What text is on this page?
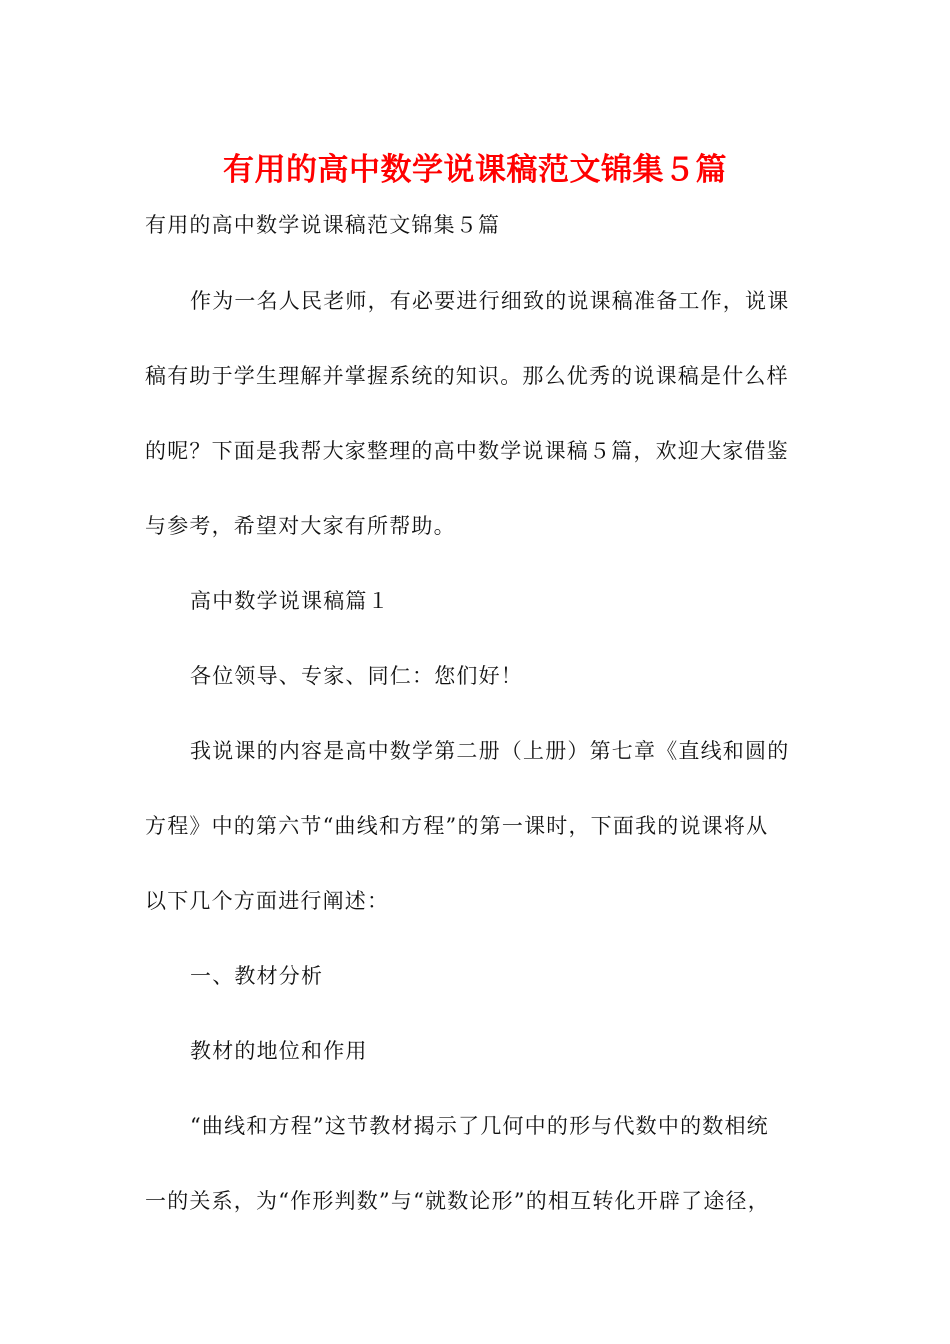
有用的高中数学说课稿范文锦集５篇
有用的高中数学说课稿范文锦集５篇
作为一名人民老师，有必要进行细致的说课稿准备工作，说课
稿有助于学生理解并掌握系统的知识。那么优秀的说课稿是什么样
的呢？下面是我帮大家整理的高中数学说课稿５篇，欢迎大家借鉴
与参考，希望对大家有所帮助。
高中数学说课稿篇１
各位领导、专家、同仁：您们好！
我说课的内容是高中数学第二册（上册）第七章《直线和圆的
方程》中的第六节“曲线和方程”的第一课时，下面我的说课将从
以下几个方面进行阐述：
一、教材分析
教材的地位和作用
“曲线和方程”这节教材揭示了几何中的形与代数中的数相统
一的关系，为“作形判数”与“就数论形”的相互转化开辟了途径，
